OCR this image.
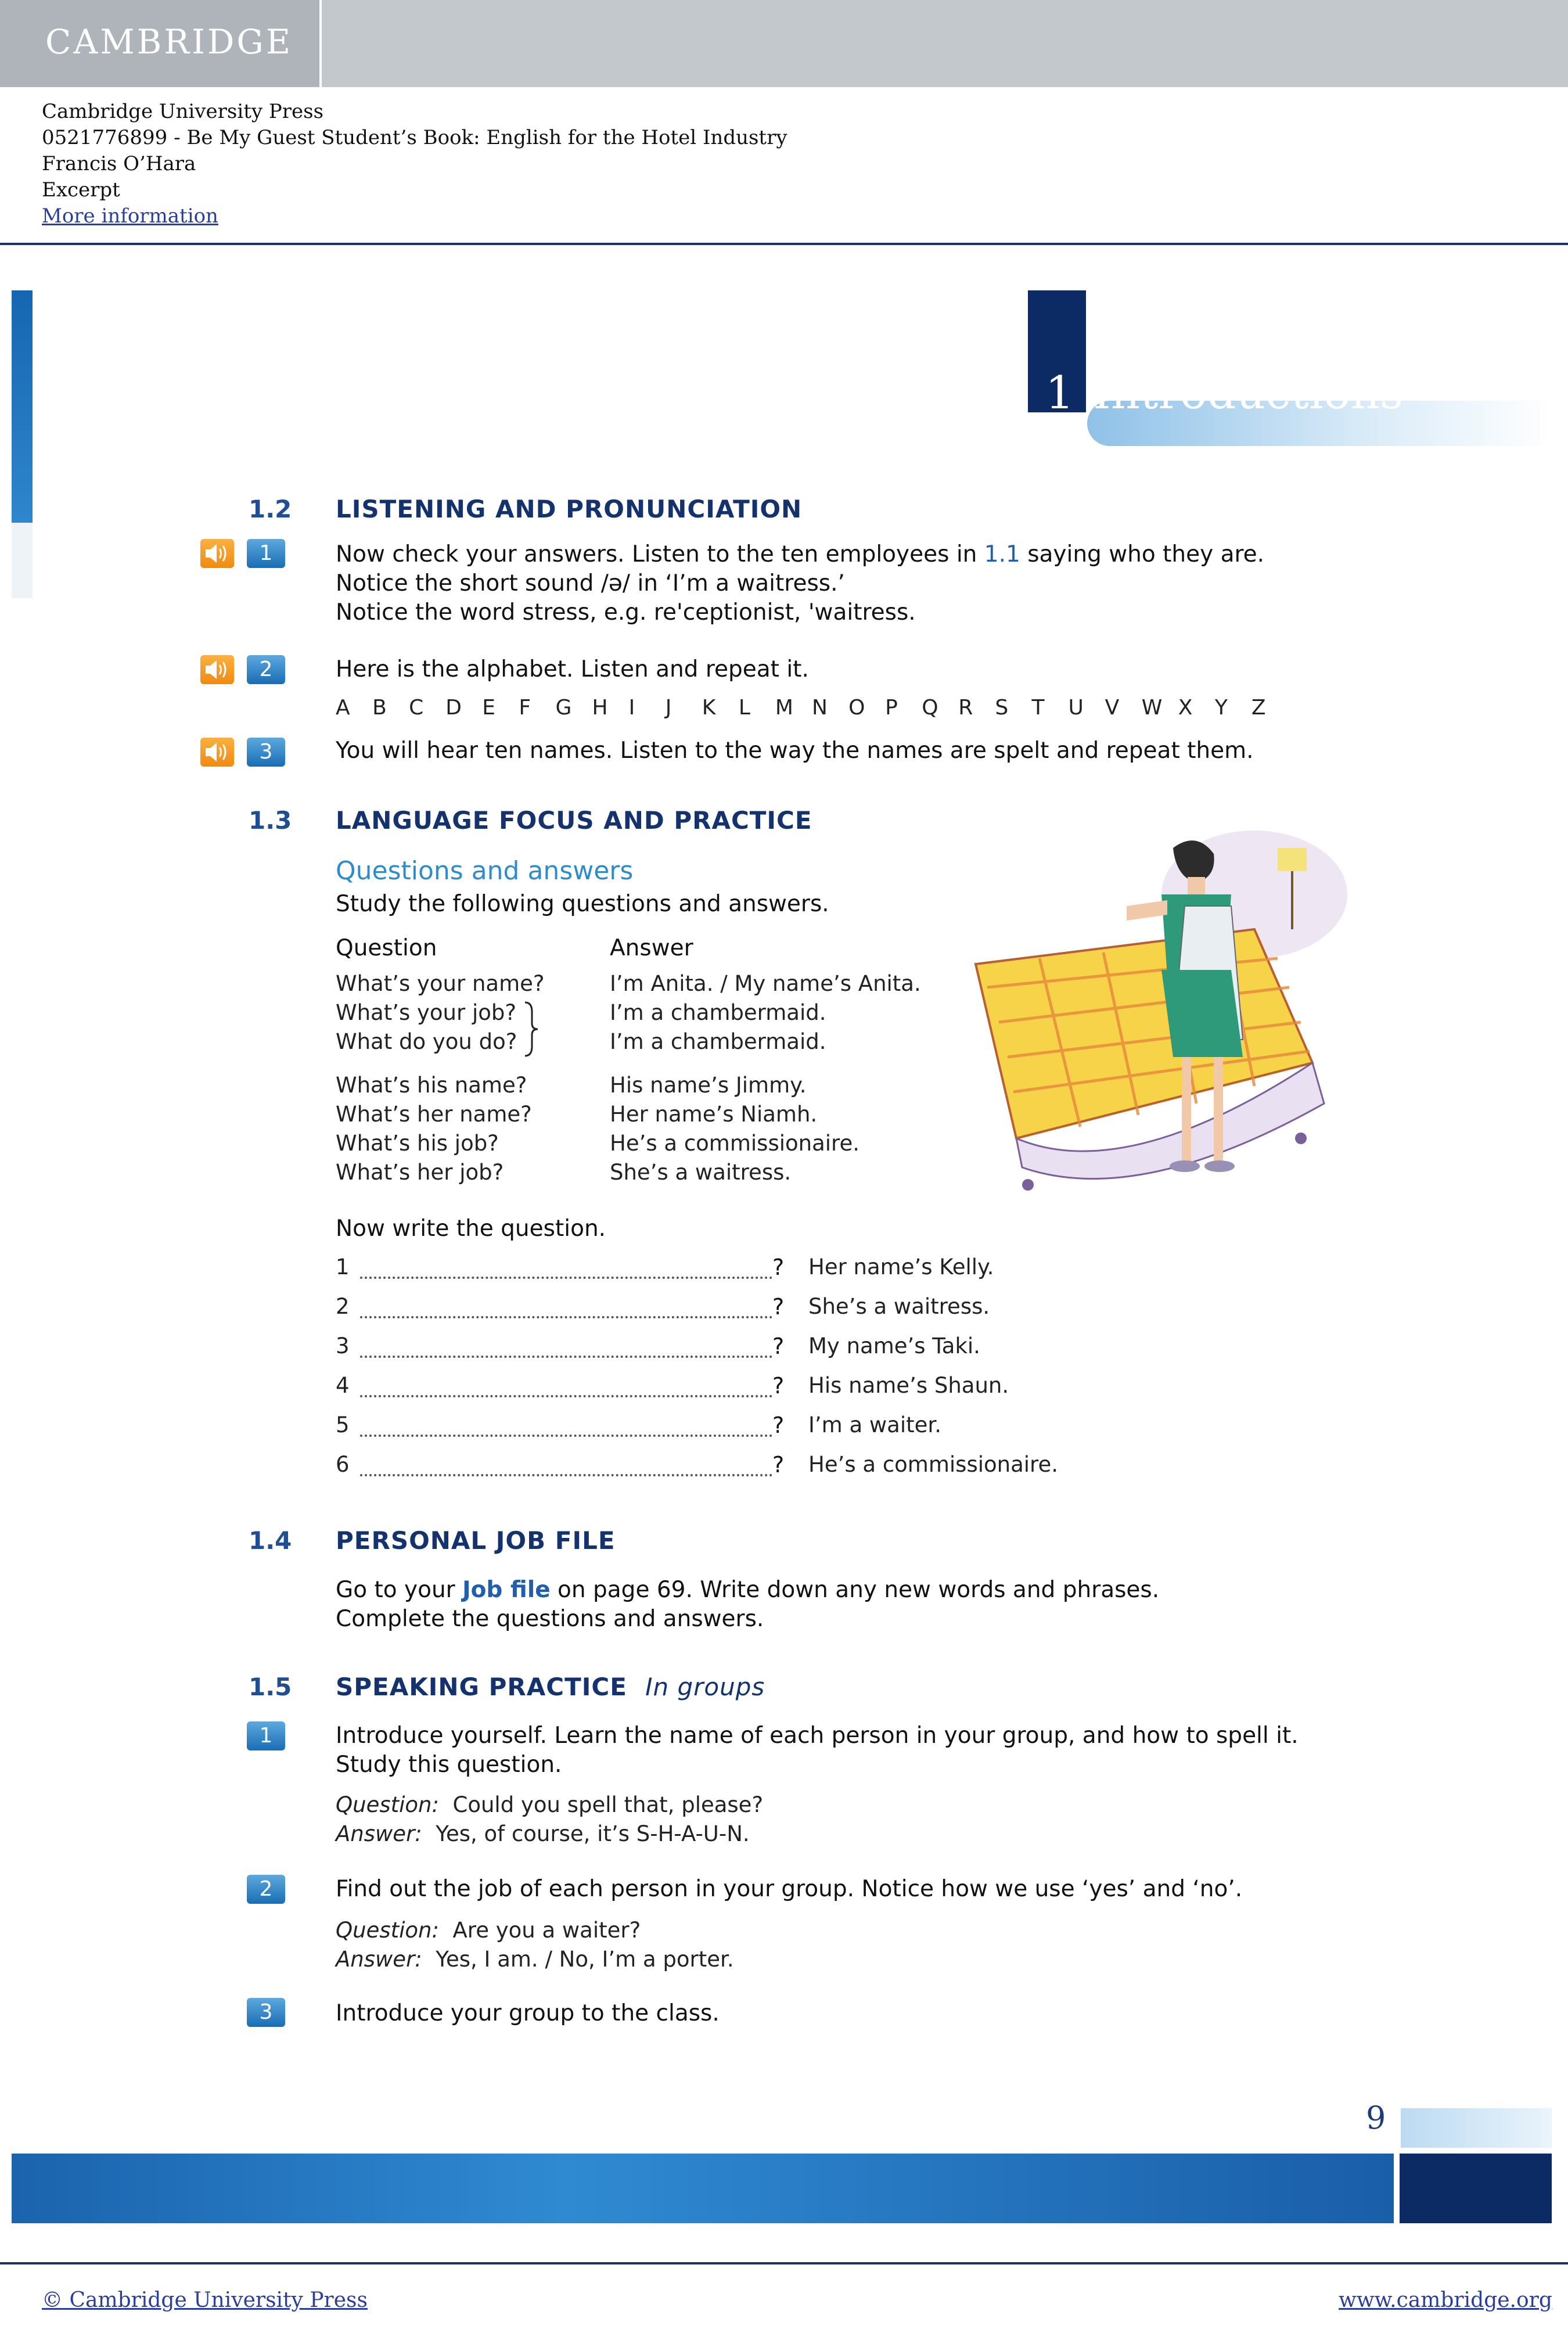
CAMBRIDGE
Cambridge University Press
0521776899 - Be My Guest Student’s Book: English for the Hotel Industry
Francis O’Hara
Excerpt
More information
1 Introductions
1.2 LISTENING AND PRONUNCIATION
1	Now check your answers. Listen to the ten employees in 1.1 saying who they are.
Notice the short sound /ə/ in ‘I’m a waitress.’
Notice the word stress, e.g. re'ceptionist, 'waitress.
2	Here is the alphabet. Listen and repeat it.
A B C D E F G H I J K L M N O P Q R S T U V W X Y Z
3	You will hear ten names. Listen to the way the names are spelt and repeat them.
1.3 LANGUAGE FOCUS AND PRACTICE
Questions and answers
Study the following questions and answers.
Question	Answer
What’s your name?	I’m Anita. / My name’s Anita.
What’s your job?	I’m a chambermaid.
What do you do?	I’m a chambermaid.
What’s his name?	His name’s Jimmy.
What’s her name?	Her name’s Niamh.
What’s his job?	He’s a commissionaire.
What’s her job?	She’s a waitress.
Now write the question.
1	? Her name’s Kelly.
2	? She’s a waitress.
3	? My name’s Taki.
4	? His name’s Shaun.
5	? I’m a waiter.
6	? He’s a commissionaire.
1.4 PERSONAL JOB FILE
Go to your Job file on page 69. Write down any new words and phrases.
Complete the questions and answers.
1.5 SPEAKING PRACTICE In groups
1	Introduce yourself. Learn the name of each person in your group, and how to spell it.
Study this question.
Question: Could you spell that, please?
Answer: Yes, of course, it’s S-H-A-U-N.
2	Find out the job of each person in your group. Notice how we use ‘yes’ and ‘no’.
Question: Are you a waiter?
Answer: Yes, I am. / No, I’m a porter.
3	Introduce your group to the class.
9
© Cambridge University Press	www.cambridge.org
